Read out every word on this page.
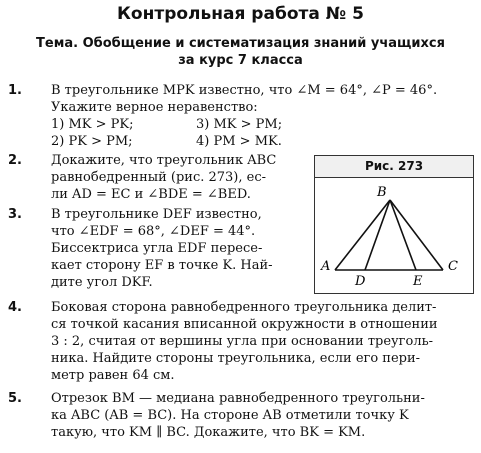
Контрольная работа № 5
Тема. Обобщение и систематизация знаний учащихся
за курс 7 класса
1.	В треугольнике MPK известно, что ∠M = 64°, ∠P = 46°.
Укажите верное неравенство:
1) MK > PK;	3) MK > PM;
2) PK > PM;	4) PM > MK.
2.	Докажите, что треугольник ABC
равнобедренный (рис. 273), ес-
ли AD = EC и ∠BDE = ∠BED.
3.	В треугольнике DEF известно,
что ∠EDF = 68°, ∠DEF = 44°.
Биссектриса угла EDF пересе-
кает сторону EF в точке K. Най-
дите угол DKF.
Рис. 273
B
A	C
D	E
4.	Боковая сторона равнобедренного треугольника делит-
ся точкой касания вписанной окружности в отношении
3 : 2, считая от вершины угла при основании треуголь-
ника. Найдите стороны треугольника, если его пери-
метр равен 64 см.
5.	Отрезок BM — медиана равнобедренного треугольни-
ка ABC (AB = BC). На стороне AB отметили точку K
такую, что KM ∥ BC. Докажите, что BK = KM.
